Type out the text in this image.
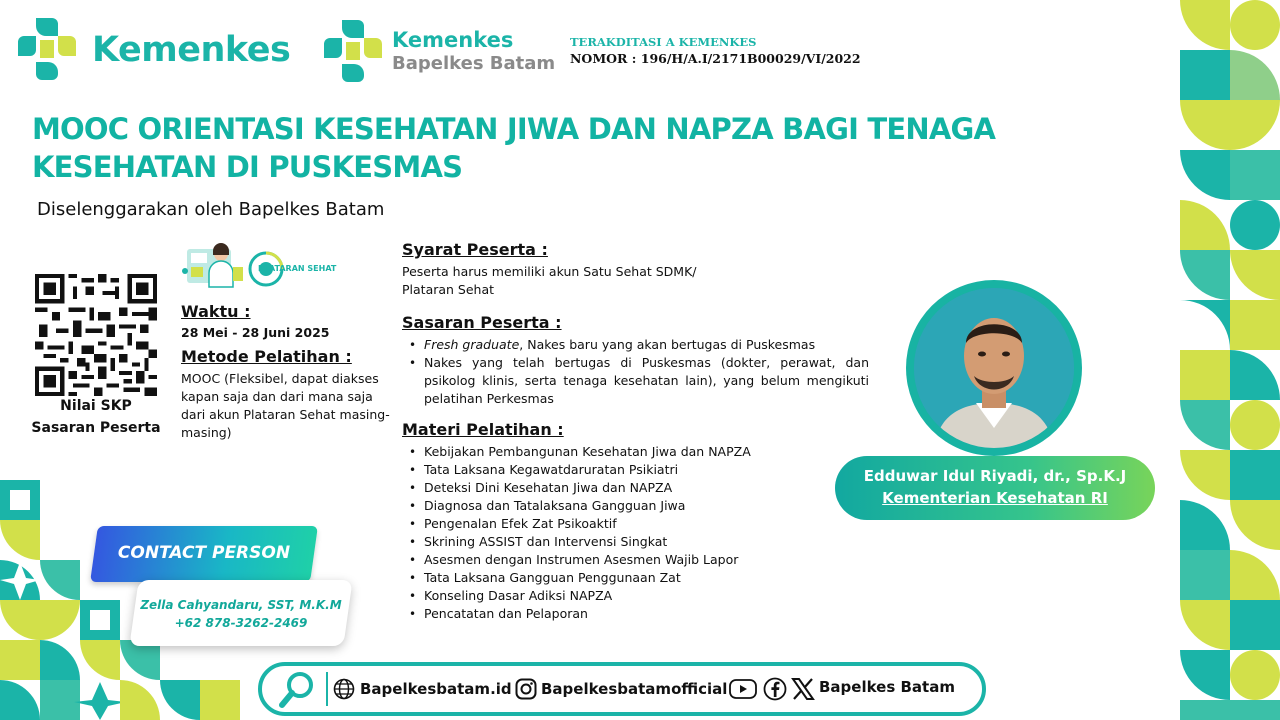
Kemenkes	Kemenkes
Bapelkes Batam
TERAKDITASI A KEMENKES
NOMOR : 196/H/A.I/2171B00029/VI/2022
MOOC ORIENTASI KESEHATAN JIWA DAN NAPZA BAGI TENAGA KESEHATAN DI PUSKESMAS
Diselenggarakan oleh Bapelkes Batam
Nilai SKP
Sasaran Peserta
PLATARAN SEHAT
Waktu :
28 Mei - 28 Juni 2025
Metode Pelatihan :
MOOC (Fleksibel, dapat diakses kapan saja dan dari mana saja dari akun Plataran Sehat masing-masing)
Syarat Peserta :
Peserta harus memiliki akun Satu Sehat SDMK/
Plataran Sehat
Sasaran Peserta :
• Fresh graduate, Nakes baru yang akan bertugas di Puskesmas
• Nakes yang telah bertugas di Puskesmas (dokter, perawat, dan psikolog klinis, serta tenaga kesehatan lain), yang belum mengikuti pelatihan Perkesmas
Materi Pelatihan :
• Kebijakan Pembangunan Kesehatan Jiwa dan NAPZA
• Tata Laksana Kegawatdaruratan Psikiatri
• Deteksi Dini Kesehatan Jiwa dan NAPZA
• Diagnosa dan Tatalaksana Gangguan Jiwa
• Pengenalan Efek Zat Psikoaktif
• Skrining ASSIST dan Intervensi Singkat
• Asesmen dengan Instrumen Asesmen Wajib Lapor
• Tata Laksana Gangguan Penggunaan Zat
• Konseling Dasar Adiksi NAPZA
• Pencatatan dan Pelaporan
Edduwar Idul Riyadi, dr., Sp.K.J
Kementerian Kesehatan RI
CONTACT PERSON
Zella Cahyandaru, SST, M.K.M
+62 878-3262-2469
Bapelkesbatam.id Bapelkesbatamofficial	Bapelkes Batam
